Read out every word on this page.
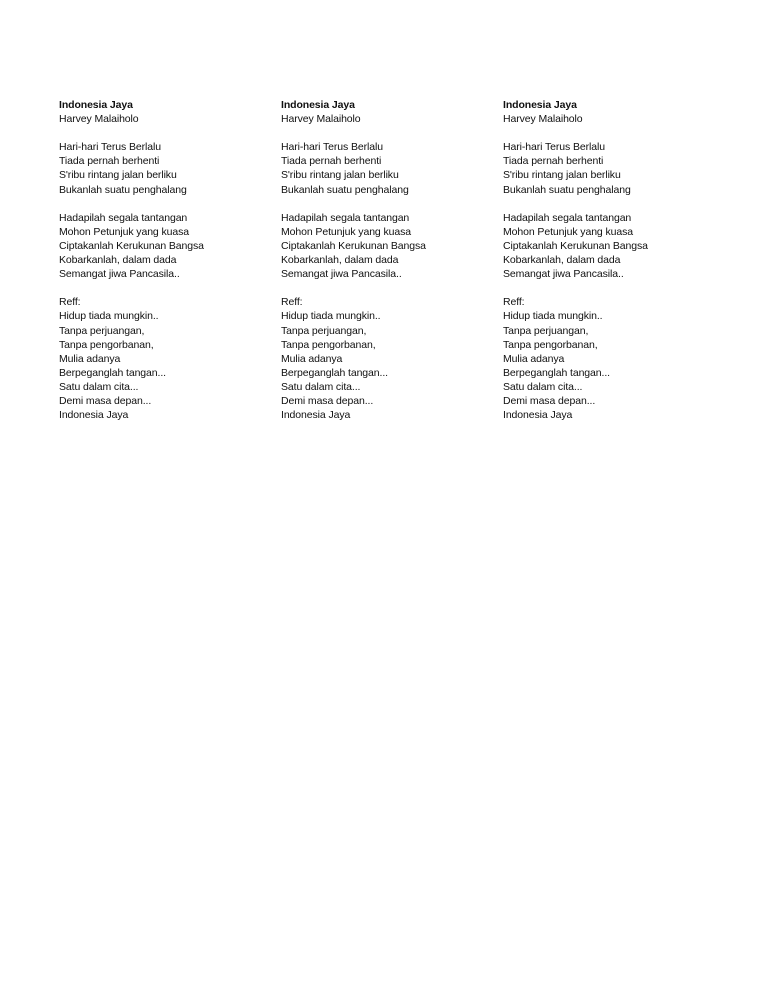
Indonesia Jaya
Harvey Malaiholo
Hari-hari Terus Berlalu
Tiada pernah berhenti
S'ribu rintang jalan berliku
Bukanlah suatu penghalang
Hadapilah segala tantangan
Mohon Petunjuk yang kuasa
Ciptakanlah Kerukunan Bangsa
Kobarkanlah, dalam dada
Semangat jiwa Pancasila..
Reff:
Hidup tiada mungkin..
Tanpa perjuangan,
Tanpa pengorbanan,
Mulia adanya
Berpeganglah tangan...
Satu dalam cita...
Demi masa depan...
Indonesia Jaya
Indonesia Jaya
Harvey Malaiholo
Hari-hari Terus Berlalu
Tiada pernah berhenti
S'ribu rintang jalan berliku
Bukanlah suatu penghalang
Hadapilah segala tantangan
Mohon Petunjuk yang kuasa
Ciptakanlah Kerukunan Bangsa
Kobarkanlah, dalam dada
Semangat jiwa Pancasila..
Reff:
Hidup tiada mungkin..
Tanpa perjuangan,
Tanpa pengorbanan,
Mulia adanya
Berpeganglah tangan...
Satu dalam cita...
Demi masa depan...
Indonesia Jaya
Indonesia Jaya
Harvey Malaiholo
Hari-hari Terus Berlalu
Tiada pernah berhenti
S'ribu rintang jalan berliku
Bukanlah suatu penghalang
Hadapilah segala tantangan
Mohon Petunjuk yang kuasa
Ciptakanlah Kerukunan Bangsa
Kobarkanlah, dalam dada
Semangat jiwa Pancasila..
Reff:
Hidup tiada mungkin..
Tanpa perjuangan,
Tanpa pengorbanan,
Mulia adanya
Berpeganglah tangan...
Satu dalam cita...
Demi masa depan...
Indonesia Jaya
